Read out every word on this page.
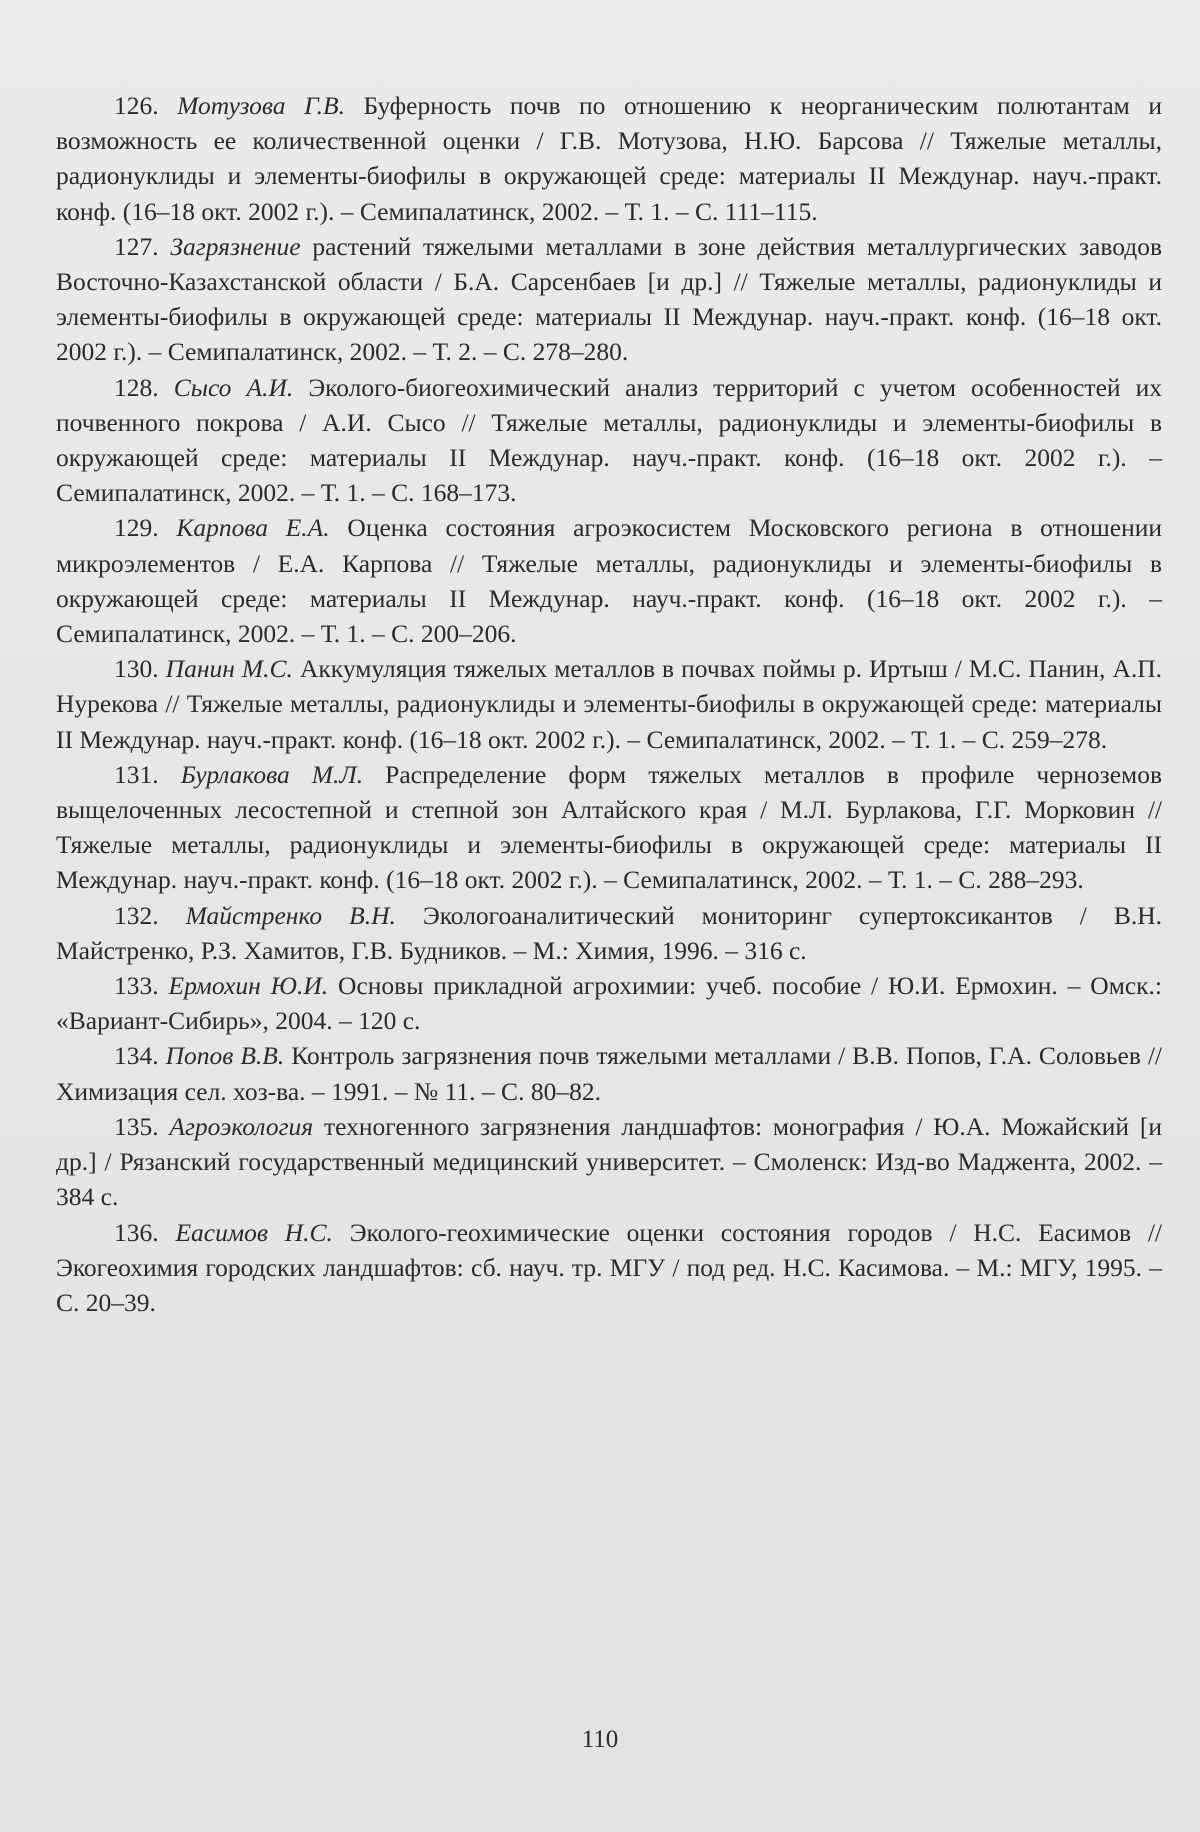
126. Мотузова Г.В. Буферность почв по отношению к неорганическим полютантам и возможность ее количественной оценки / Г.В. Мотузова, Н.Ю. Барсова // Тяжелые металлы, радионуклиды и элементы-биофилы в окружающей среде: материалы II Междунар. науч.-практ. конф. (16–18 окт. 2002 г.). – Семипалатинск, 2002. – Т. 1. – С. 111–115.

127. Загрязнение растений тяжелыми металлами в зоне действия металлургических заводов Восточно-Казахстанской области / Б.А. Сарсенбаев [и др.] // Тяжелые металлы, радионуклиды и элементы-биофилы в окружающей среде: материалы II Междунар. науч.-практ. конф. (16–18 окт. 2002 г.). – Семипалатинск, 2002. – Т. 2. – С. 278–280.

128. Сысо А.И. Эколого-биогеохимический анализ территорий с учетом особенностей их почвенного покрова / А.И. Сысо // Тяжелые металлы, радионуклиды и элементы-биофилы в окружающей среде: материалы II Междунар. науч.-практ. конф. (16–18 окт. 2002 г.). – Семипалатинск, 2002. – Т. 1. – С. 168–173.

129. Карпова Е.А. Оценка состояния агроэкосистем Московского региона в отношении микроэлементов / Е.А. Карпова // Тяжелые металлы, радионуклиды и элементы-биофилы в окружающей среде: материалы II Междунар. науч.-практ. конф. (16–18 окт. 2002 г.). – Семипалатинск, 2002. – Т. 1. – С. 200–206.

130. Панин М.С. Аккумуляция тяжелых металлов в почвах поймы р. Иртыш / М.С. Панин, А.П. Нурекова // Тяжелые металлы, радионуклиды и элементы-биофилы в окружающей среде: материалы II Междунар. науч.-практ. конф. (16–18 окт. 2002 г.). – Семипалатинск, 2002. – Т. 1. – С. 259–278.

131. Бурлакова М.Л. Распределение форм тяжелых металлов в профиле черноземов выщелоченных лесостепной и степной зон Алтайского края / М.Л. Бурлакова, Г.Г. Морковин // Тяжелые металлы, радионуклиды и элементы-биофилы в окружающей среде: материалы II Междунар. науч.-практ. конф. (16–18 окт. 2002 г.). – Семипалатинск, 2002. – Т. 1. – С. 288–293.

132. Майстренко В.Н. Экологоаналитический мониторинг супертоксикантов / В.Н. Майстренко, Р.З. Хамитов, Г.В. Будников. – М.: Химия, 1996. – 316 с.

133. Ермохин Ю.И. Основы прикладной агрохимии: учеб. пособие / Ю.И. Ермохин. – Омск.: «Вариант-Сибирь», 2004. – 120 с.

134. Попов В.В. Контроль загрязнения почв тяжелыми металлами / В.В. Попов, Г.А. Соловьев // Химизация сел. хоз-ва. – 1991. – № 11. – С. 80–82.

135. Агроэкология техногенного загрязнения ландшафтов: монография / Ю.А. Можайский [и др.] / Рязанский государственный медицинский университет. – Смоленск: Изд-во Маджента, 2002. – 384 с.

136. Еасимов Н.С. Эколого-геохимические оценки состояния городов / Н.С. Еасимов // Экогеохимия городских ландшафтов: сб. науч. тр. МГУ / под ред. Н.С. Касимова. – М.: МГУ, 1995. – С. 20–39.

110
